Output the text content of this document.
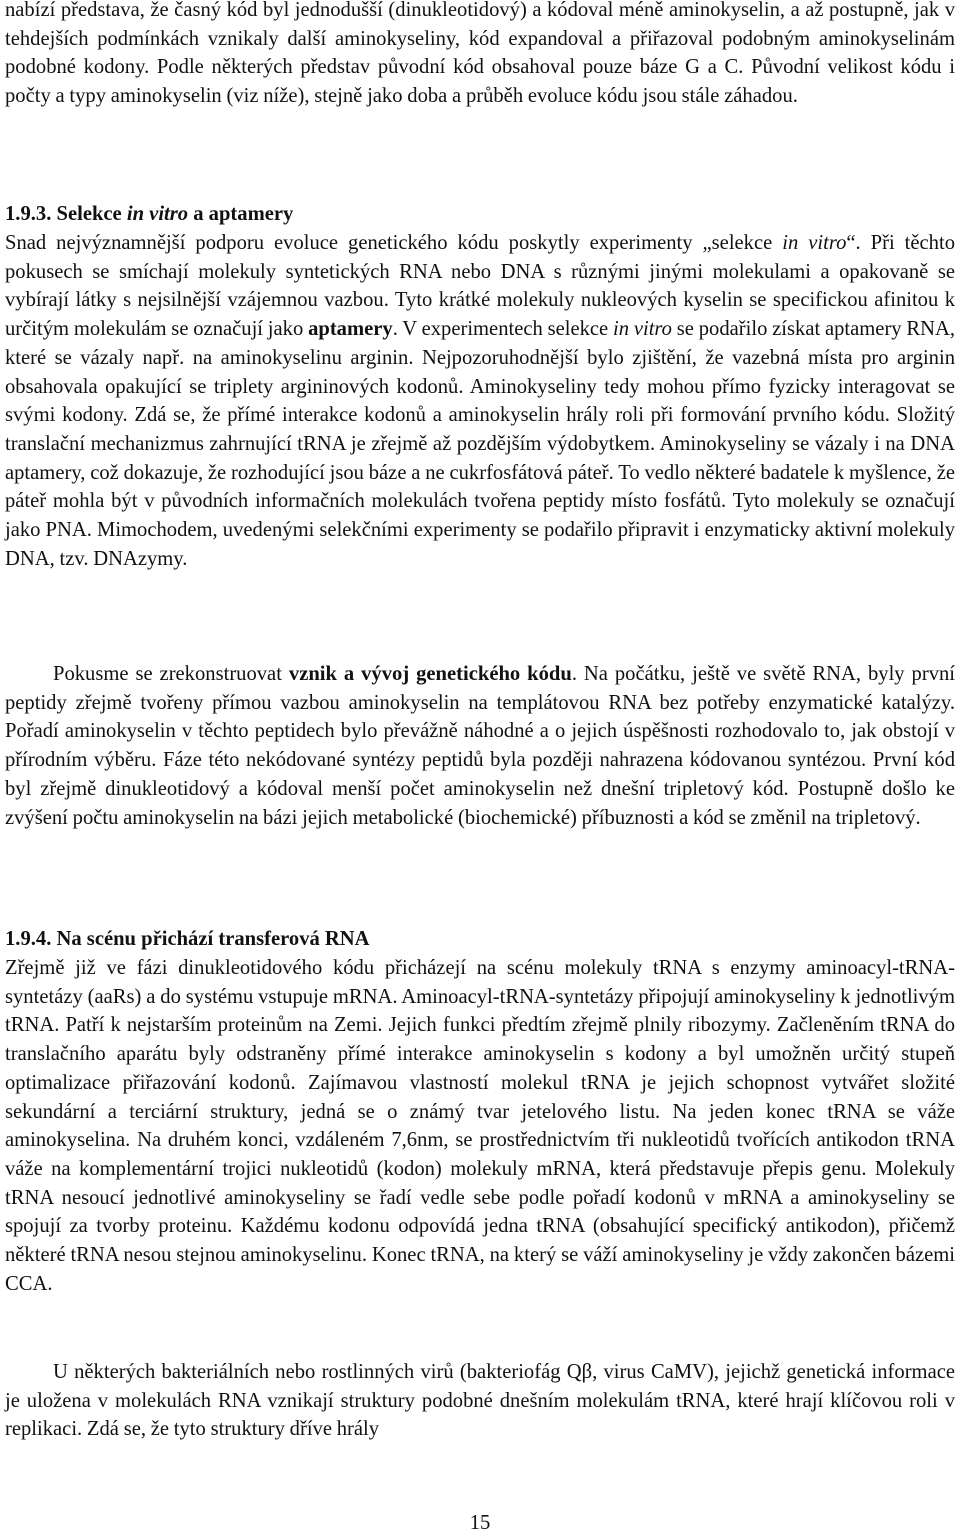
nabízí představa, že časný kód byl jednodušší (dinukleotidový) a kódoval méně aminokyselin, a až postupně, jak v tehdejších podmínkách vznikaly další aminokyseliny, kód expandoval a přiřazoval podobným aminokyselinám podobné kodony. Podle některých představ původní kód obsahoval pouze báze G a C. Původní velikost kódu i počty a typy aminokyselin (viz níže), stejně jako doba a průběh evoluce kódu jsou stále záhadou.

1.9.3. Selekce in vitro a aptamery

Snad nejvýznamnější podporu evoluce genetického kódu poskytly experimenty „selekce in vitro“. Při těchto pokusech se smíchají molekuly syntetických RNA nebo DNA s různými jinými molekulami a opakovaně se vybírají látky s nejsilnější vzájemnou vazbou. Tyto krátké molekuly nukleových kyselin se specifickou afinitou k určitým molekulám se označují jako aptamery. V experimentech selekce in vitro se podařilo získat aptamery RNA, které se vázaly např. na aminokyselinu arginin. Nejpozoruhodnější bylo zjištění, že vazebná místa pro arginin obsahovala opakující se triplety argininových kodonů. Aminokyseliny tedy mohou přímo fyzicky interagovat se svými kodony. Zdá se, že přímé interakce kodonů a aminokyselin hrály roli při formování prvního kódu. Složitý translační mechanizmus zahrnující tRNA je zřejmě až pozdějším výdobytkem. Aminokyseliny se vázaly i na DNA aptamery, což dokazuje, že rozhodující jsou báze a ne cukrfosfátová páteř. To vedlo některé badatele k myšlence, že páteř mohla být v původních informačních molekulách tvořena peptidy místo fosfátů. Tyto molekuly se označují jako PNA. Mimochodem, uvedenými selekčními experimenty se podařilo připravit i enzymaticky aktivní molekuly DNA, tzv. DNAzymy.

Pokusme se zrekonstruovat vznik a vývoj genetického kódu. Na počátku, ještě ve světě RNA, byly první peptidy zřejmě tvořeny přímou vazbou aminokyselin na templátovou RNA bez potřeby enzymatické katalýzy. Pořadí aminokyselin v těchto peptidech bylo převážně náhodné a o jejich úspěšnosti rozhodovalo to, jak obstojí v přírodním výběru. Fáze této nekódované syntézy peptidů byla později nahrazena kódovanou syntézou. První kód byl zřejmě dinukleotidový a kódoval menší počet aminokyselin než dnešní tripletový kód. Postupně došlo ke zvýšení počtu aminokyselin na bázi jejich metabolické (biochemické) příbuznosti a kód se změnil na tripletový.

1.9.4. Na scénu přichází transferová RNA

Zřejmě již ve fázi dinukleotidového kódu přicházejí na scénu molekuly tRNA s enzymy aminoacyl-tRNA-syntetázy (aaRs) a do systému vstupuje mRNA. Aminoacyl-tRNA-syntetázy připojují aminokyseliny k jednotlivým tRNA. Patří k nejstarším proteinům na Zemi. Jejich funkci předtím zřejmě plnily ribozymy. Začleněním tRNA do translačního aparátu byly odstraněny přímé interakce aminokyselin s kodony a byl umožněn určitý stupeň optimalizace přiřazování kodonů. Zajímavou vlastností molekul tRNA je jejich schopnost vytvářet složité sekundární a terciární struktury, jedná se o známý tvar jetelového listu. Na jeden konec tRNA se váže aminokyselina. Na druhém konci, vzdáleném 7,6nm, se prostřednictvím tři nukleotidů tvořících antikodon tRNA váže na komplementární trojici nukleotidů (kodon) molekuly mRNA, která představuje přepis genu. Molekuly tRNA nesoucí jednotlivé aminokyseliny se řadí vedle sebe podle pořadí kodonů v mRNA a aminokyseliny se spojují za tvorby proteinu. Každému kodonu odpovídá jedna tRNA (obsahující specifický antikodon), přičemž některé tRNA nesou stejnou aminokyselinu. Konec tRNA, na který se váží aminokyseliny je vždy zakončen bázemi CCA.

U některých bakteriálních nebo rostlinných virů (bakteriofág Qβ, virus CaMV), jejichž genetická informace je uložena v molekulách RNA vznikají struktury podobné dnešním molekulám tRNA, které hrají klíčovou roli v replikaci. Zdá se, že tyto struktury dříve hrály

15
